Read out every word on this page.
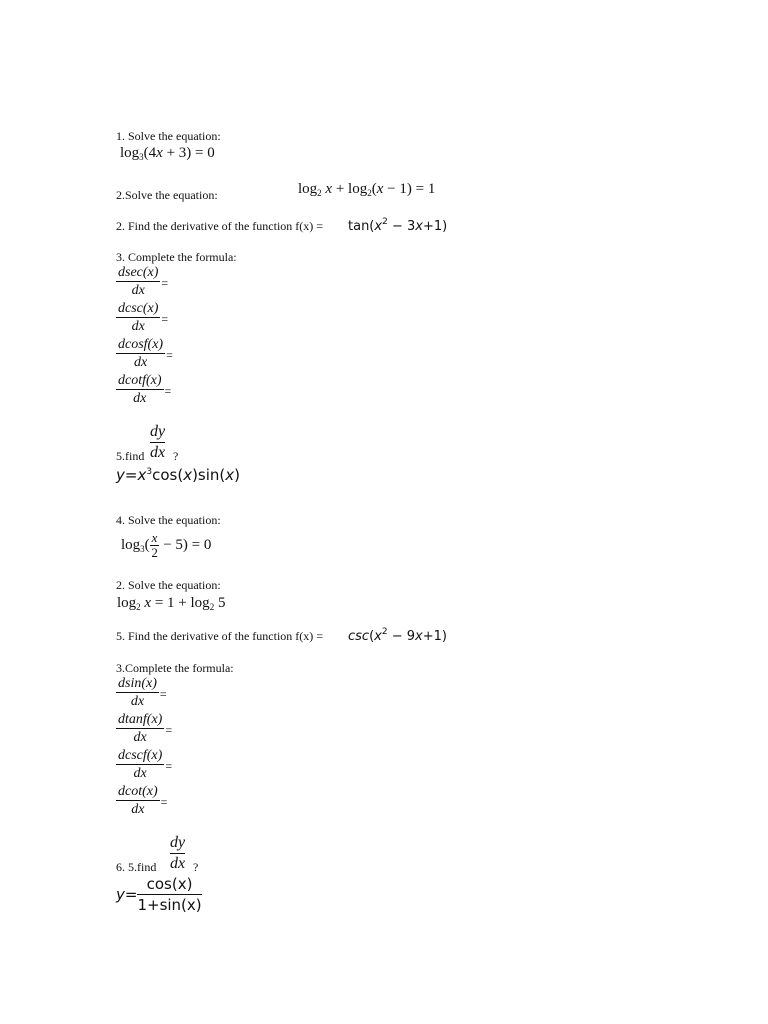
1. Solve the equation:
$\log_3(4x + 3) = 0$
2.Solve the equation:	$\log_2 x + \log_2(x - 1) = 1$
2. Find the derivative of the function $f(x) = \tan(x^2 - 3x+1)$
3. Complete the formula:
$\frac{dsec(x)}{dx}$ =
$\frac{dcsc(x)}{dx}$ =
$\frac{dcosf(x)}{dx}$ =
$\frac{dcotf(x)}{dx}$ =
5.find $\frac{dy}{dx}$ ?
$y=x^3\cos(x)\sin(x)$
4. Solve the equation:
$\log_3( \frac{x}{2} - 5) = 0$
2. Solve the equation:
$\log_2 x = 1 + \log_2 5$
5. Find the derivative of the function $f(x) = \csc(x^2 - 9x+1)$
3.Complete the formula:
$\frac{dsin(x)}{dx}$ =
$\frac{dtanf(x)}{dx}$ =
$\frac{dcscf(x)}{dx}$ =
$\frac{dcot(x)}{dx}$ =
6. 5.find $\frac{dy}{dx}$ ?
$y= \frac{\cos(x)}{1+\sin(x)}$
